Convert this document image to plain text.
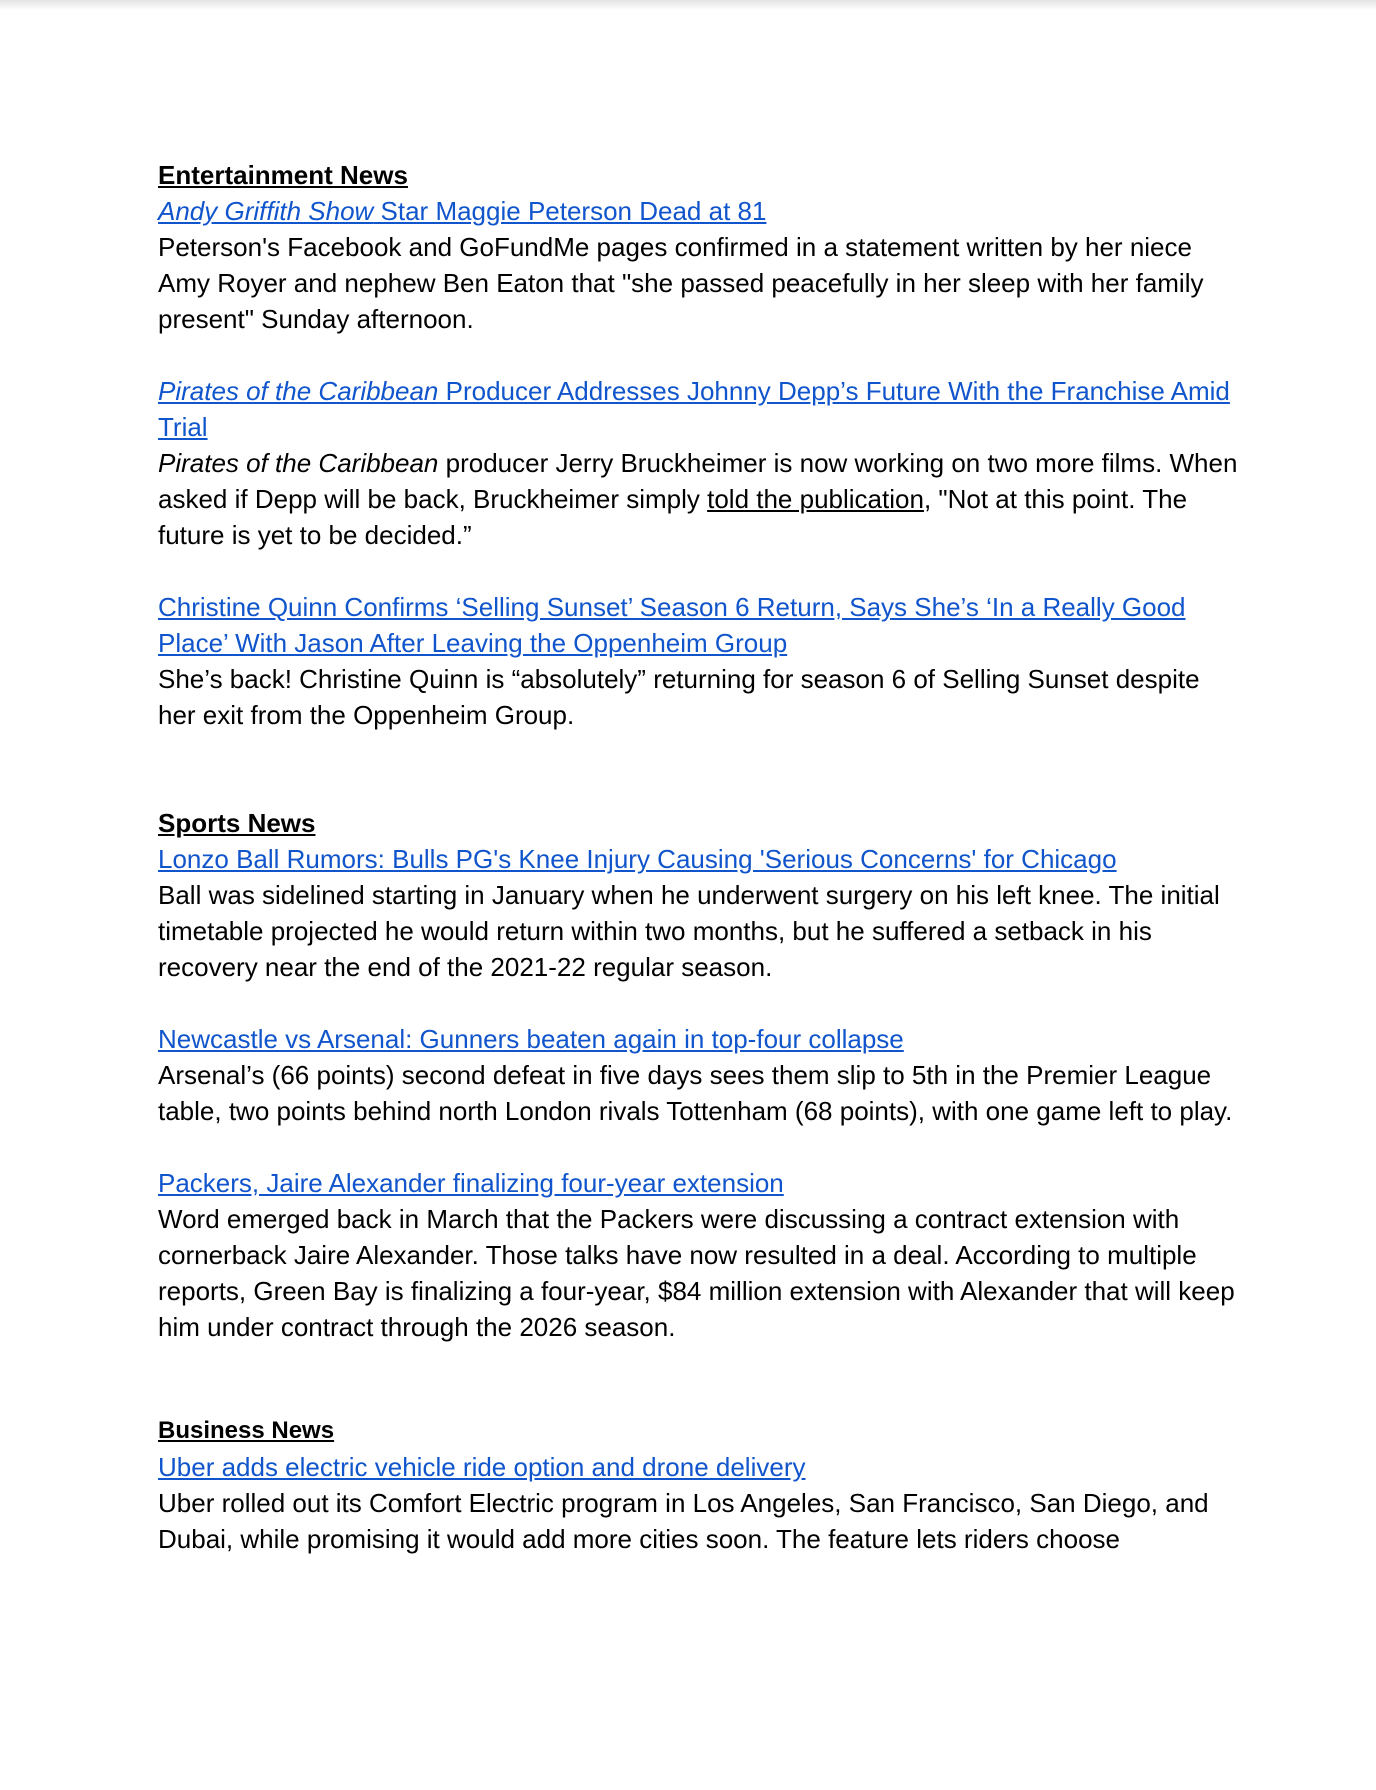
Entertainment News
Andy Griffith Show Star Maggie Peterson Dead at 81

Peterson's Facebook and GoFundMe pages confirmed in a statement written by her niece Amy Royer and nephew Ben Eaton that "she passed peacefully in her sleep with her family present" Sunday afternoon.

Pirates of the Caribbean Producer Addresses Johnny Depp’s Future With the Franchise Amid Trial

Pirates of the Caribbean producer Jerry Bruckheimer is now working on two more films. When asked if Depp will be back, Bruckheimer simply told the publication, "Not at this point. The future is yet to be decided.”

Christine Quinn Confirms ‘Selling Sunset’ Season 6 Return, Says She’s ‘In a Really Good Place’ With Jason After Leaving the Oppenheim Group

She’s back! Christine Quinn is “absolutely” returning for season 6 of Selling Sunset despite her exit from the Oppenheim Group.

Sports News
Lonzo Ball Rumors: Bulls PG's Knee Injury Causing 'Serious Concerns' for Chicago

Ball was sidelined starting in January when he underwent surgery on his left knee. The initial timetable projected he would return within two months, but he suffered a setback in his recovery near the end of the 2021-22 regular season.

Newcastle vs Arsenal: Gunners beaten again in top-four collapse

Arsenal’s (66 points) second defeat in five days sees them slip to 5th in the Premier League table, two points behind north London rivals Tottenham (68 points), with one game left to play.

Packers, Jaire Alexander finalizing four-year extension

Word emerged back in March that the Packers were discussing a contract extension with cornerback Jaire Alexander. Those talks have now resulted in a deal. According to multiple reports, Green Bay is finalizing a four-year, $84 million extension with Alexander that will keep him under contract through the 2026 season.

Business News
Uber adds electric vehicle ride option and drone delivery

Uber rolled out its Comfort Electric program in Los Angeles, San Francisco, San Diego, and Dubai, while promising it would add more cities soon. The feature lets riders choose
